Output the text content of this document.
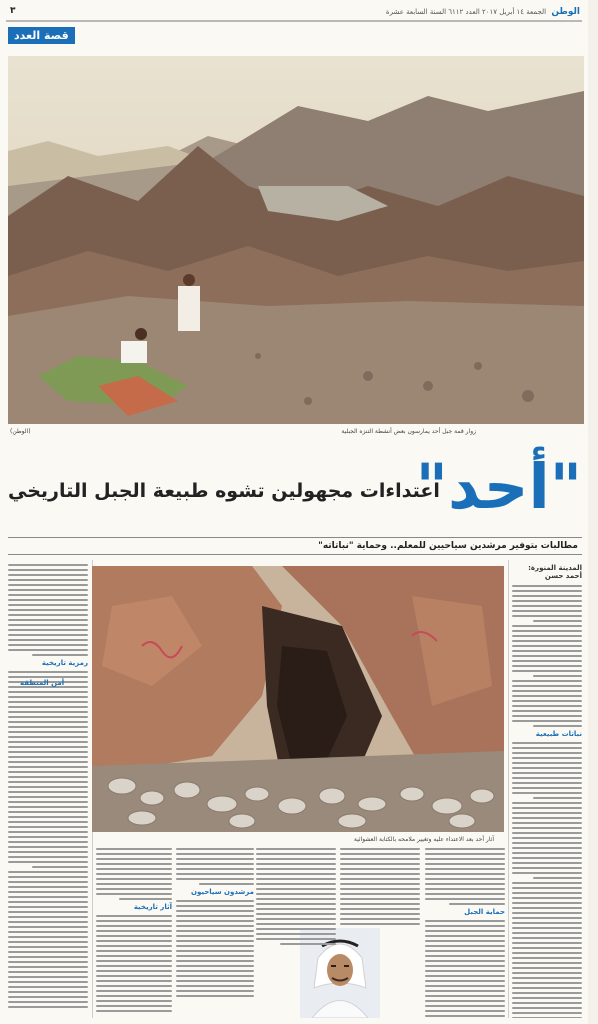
٣	الوطن الجمعة ١٤ أبريل ٢٠١٧ العدد ٦١١٢ السنة السابعة عشرة
قصة العدد
زوار قمة جبل أحد يمارسون بعض أنشطة التنزه الجبلية
(الوطن)
"أحد"
اعتداءات مجهولين تشوه طبيعة الجبل التاريخي
مطالبات بتوفير مرشدين سياحيين للمعلم.. وحماية "نباتاته"
المدينة المنورة: أحمد حسن
نباتات طبيعية
رمزية تاريخية
آثار أحد بعد الاعتداء عليه وتغيير ملامحه بالكتابة العشوائية
حماية الجبل
مرشدون سياحيون
آثار تاريخية
أمن المنطقة
